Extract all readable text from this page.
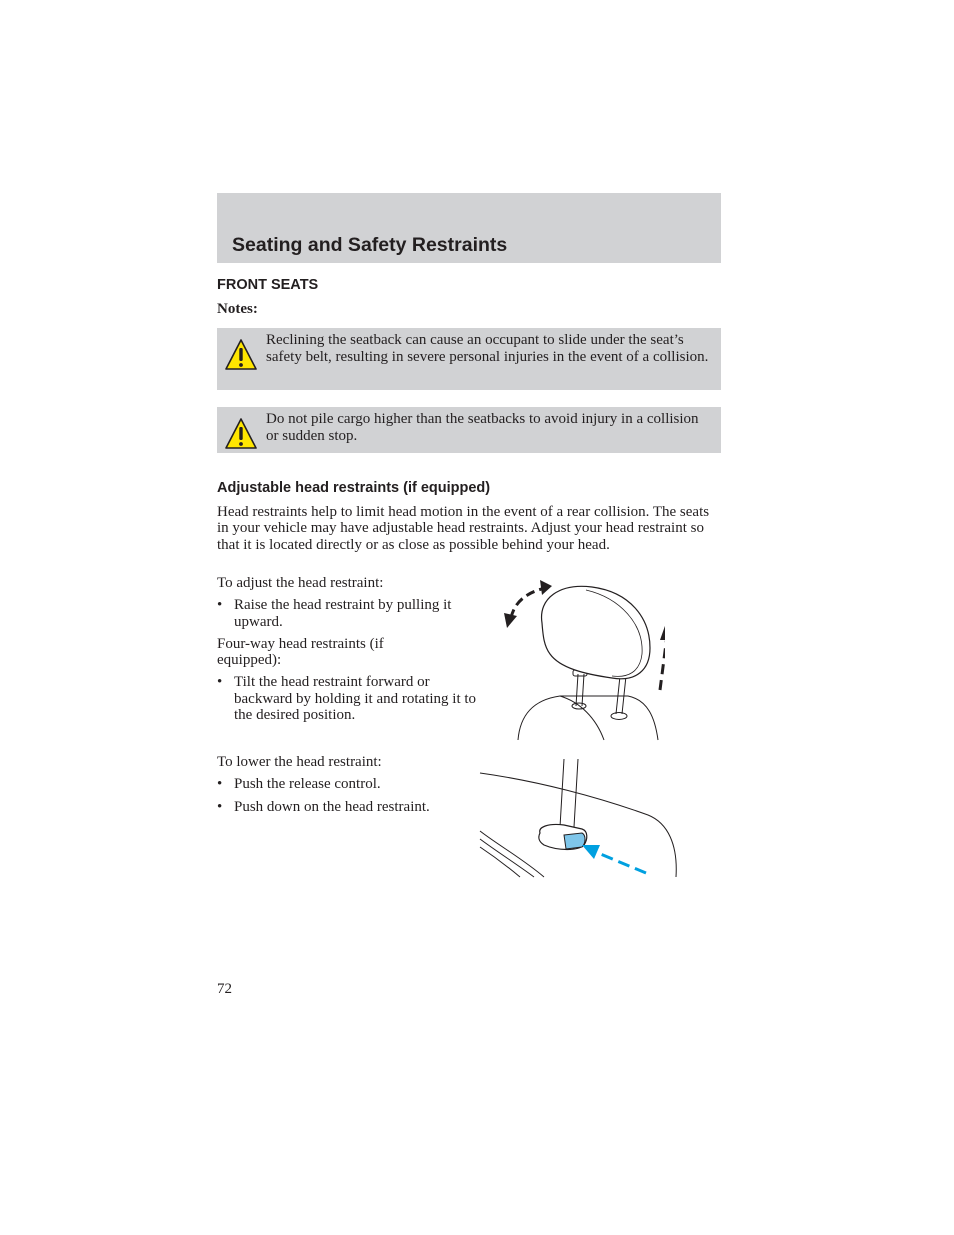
Seating and Safety Restraints
FRONT SEATS

Notes:

Reclining the seatback can cause an occupant to slide under the seat’s safety belt, resulting in severe personal injuries in the event of a collision.
Do not pile cargo higher than the seatbacks to avoid injury in a collision or sudden stop.
Adjustable head restraints (if equipped)

Head restraints help to limit head motion in the event of a rear collision. The seats in your vehicle may have adjustable head restraints. Adjust your head restraint so that it is located directly or as close as possible behind your head.

To adjust the head restraint:

• Raise the head restraint by pulling it upward.

Four-way head restraints (if equipped):

• Tilt the head restraint forward or backward by holding it and rotating it to the desired position.

To lower the head restraint:

• Push the release control.

• Push down on the head restraint.

72
